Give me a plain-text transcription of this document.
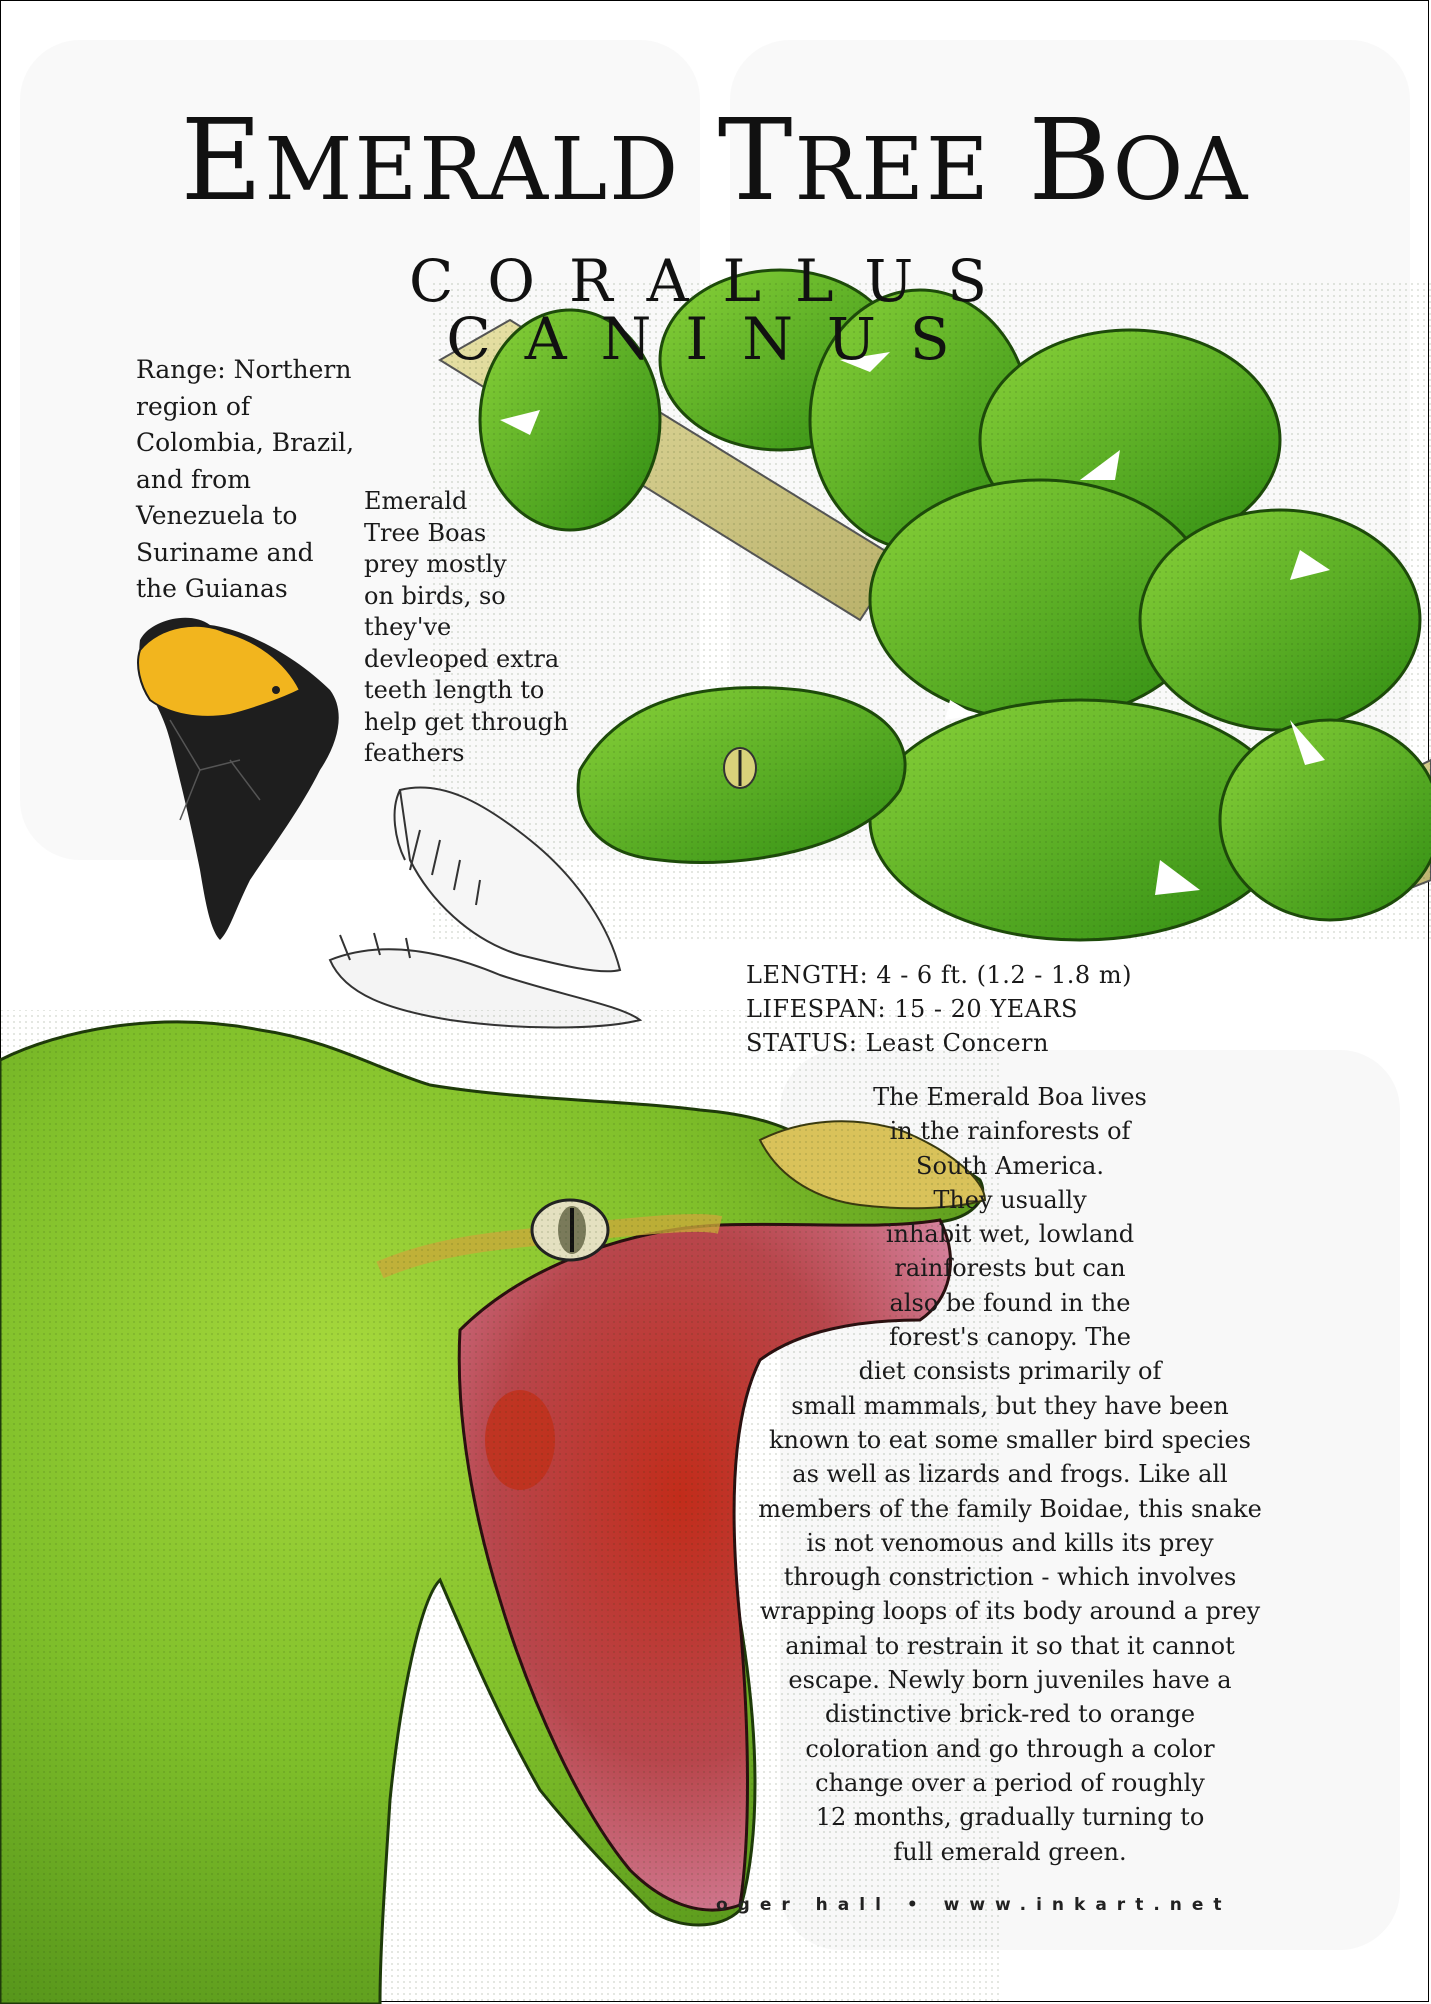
EMERALD TREE BOA
CORALLUS CANINUS
Range: Northern
region of
Colombia, Brazil,
and from
Venezuela to
Suriname and
the Guianas
Emerald
Tree Boas
prey mostly
on birds, so
they've
devleoped extra
teeth length to
help get through
feathers
LENGTH: 4 - 6 ft. (1.2 - 1.8 m)
LIFESPAN: 15 - 20 YEARS
STATUS: Least Concern
The Emerald Boa lives
in the rainforests of
South America.
They usually
inhabit wet, lowland
rainforests but can
also be found in the
forest's canopy. The
diet consists primarily of
small mammals, but they have been
known to eat some smaller bird species
as well as lizards and frogs. Like all
members of the family Boidae, this snake
is not venomous and kills its prey
through constriction - which involves
wrapping loops of its body around a prey
animal to restrain it so that it cannot
escape. Newly born juveniles have a
distinctive brick-red to orange
coloration and go through a color
change over a period of roughly
12 months, gradually turning to
full emerald green.
oger hall • www.inkart.net
